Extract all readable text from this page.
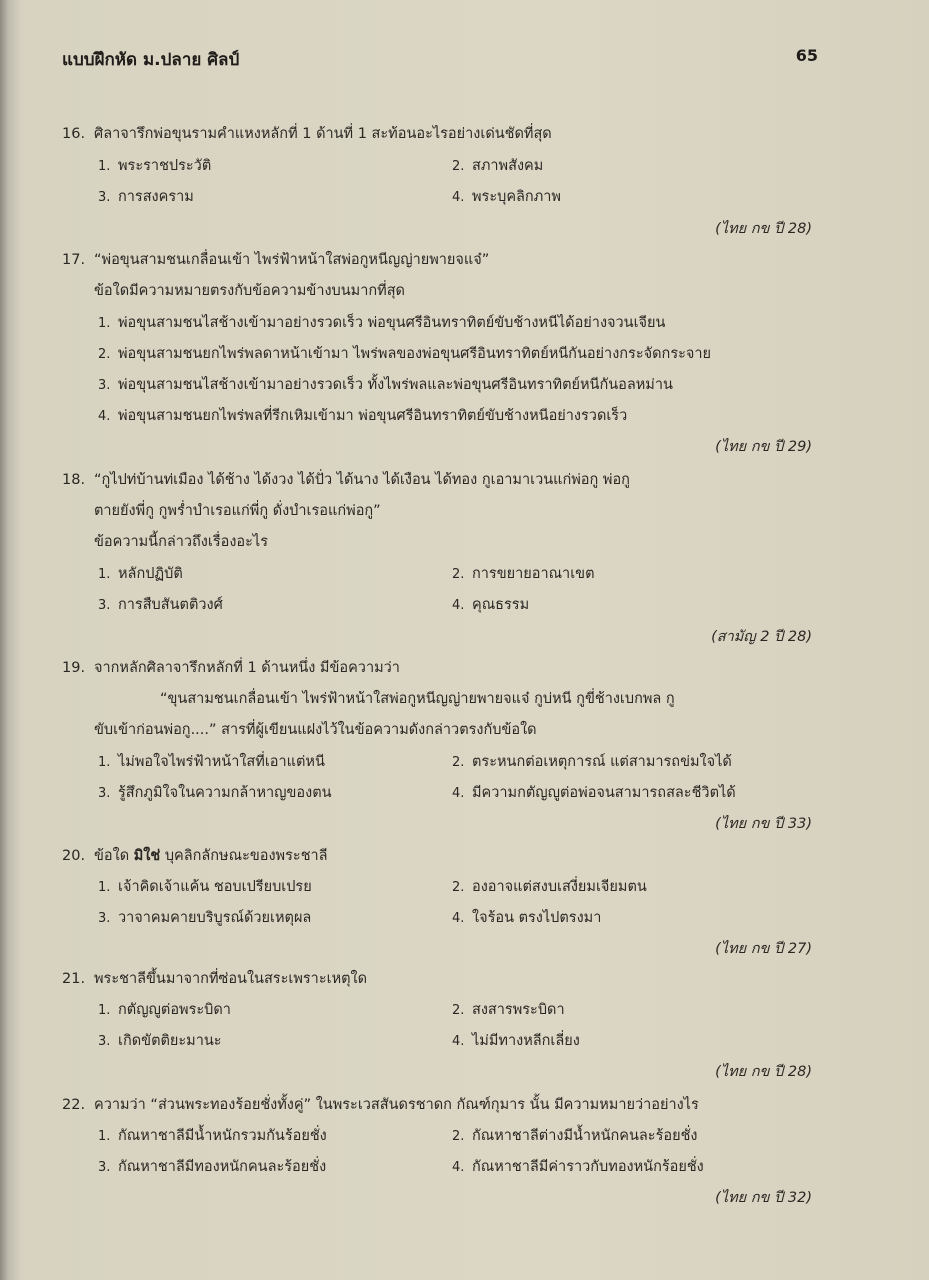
แบบฝึกหัด ม.ปลาย ศิลป์	65
16. ศิลาจารึกพ่อขุนรามคำแหงหลักที่ 1 ด้านที่ 1 สะท้อนอะไรอย่างเด่นชัดที่สุด
1. พระราชประวัติ	2. สภาพสังคม
3. การสงคราม	4. พระบุคลิกภาพ
(ไทย กข ปี 28)
17. “พ่อขุนสามชนเกลื่อนเข้า ไพร่ฟ้าหน้าใสพ่อกูหนีญญ่ายพายจแจ๋”
ข้อใดมีความหมายตรงกับข้อความข้างบนมากที่สุด
1. พ่อขุนสามชนไสช้างเข้ามาอย่างรวดเร็ว พ่อขุนศรีอินทราทิตย์ขับช้างหนีได้อย่างจวนเจียน
2. พ่อขุนสามชนยกไพร่พลดาหน้าเข้ามา ไพร่พลของพ่อขุนศรีอินทราทิตย์หนีกันอย่างกระจัดกระจาย
3. พ่อขุนสามชนไสช้างเข้ามาอย่างรวดเร็ว ทั้งไพร่พลและพ่อขุนศรีอินทราทิตย์หนีกันอลหม่าน
4. พ่อขุนสามชนยกไพร่พลที่รีกเหิมเข้ามา พ่อขุนศรีอินทราทิตย์ขับช้างหนีอย่างรวดเร็ว
(ไทย กข ปี 29)
18. “กูไปท่บ้านท่เมือง ได้ช้าง ได้งวง ได้ปั่ว ได้นาง ได้เงือน ได้ทอง กูเอามาเวนแก่พ่อกู พ่อกู
ตายยังพี่กู กูพร่ำบำเรอแก่พี่กู ดั่งบำเรอแก่พ่อกู”
ข้อความนี้กล่าวถึงเรื่องอะไร
1. หลักปฏิบัติ	2. การขยายอาณาเขต
3. การสืบสันตติวงศ์	4. คุณธรรม
(สามัญ 2 ปี 28)
19. จากหลักศิลาจารึกหลักที่ 1 ด้านหนึ่ง มีข้อความว่า
“ขุนสามชนเกลื่อนเข้า ไพร่ฟ้าหน้าใสพ่อกูหนีญญ่ายพายจแจ๋ กูบ่หนี กูขี่ช้างเบกพล กู
ขับเข้าก่อนพ่อกู....” สารที่ผู้เขียนแฝงไว้ในข้อความดังกล่าวตรงกับข้อใด
1. ไม่พอใจไพร่ฟ้าหน้าใสที่เอาแต่หนี	2. ตระหนกต่อเหตุการณ์ แต่สามารถข่มใจได้
3. รู้สึกภูมิใจในความกล้าหาญของตน	4. มีความกตัญญูต่อพ่อจนสามารถสละชีวิตได้
(ไทย กข ปี 33)
20. ข้อใด มิใช่ บุคลิกลักษณะของพระชาลี
1. เจ้าคิดเจ้าแค้น ชอบเปรียบเปรย	2. องอาจแต่สงบเสงี่ยมเจียมตน
3. วาจาคมคายบริบูรณ์ด้วยเหตุผล	4. ใจร้อน ตรงไปตรงมา
(ไทย กข ปี 27)
21. พระชาลีขึ้นมาจากที่ซ่อนในสระเพราะเหตุใด
1. กตัญญูต่อพระบิดา	2. สงสารพระบิดา
3. เกิดขัตติยะมานะ	4. ไม่มีทางหลีกเลี่ยง
(ไทย กข ปี 28)
22. ความว่า “ส่วนพระทองร้อยชั่งทั้งคู่” ในพระเวสสันดรชาดก กัณฑ์กุมาร นั้น มีความหมายว่าอย่างไร
1. กัณหาชาลีมีน้ำหนักรวมกันร้อยชั่ง	2. กัณหาชาลีต่างมีน้ำหนักคนละร้อยชั่ง
3. กัณหาชาลีมีทองหนักคนละร้อยชั่ง	4. กัณหาชาลีมีค่าราวกับทองหนักร้อยชั่ง
(ไทย กข ปี 32)
